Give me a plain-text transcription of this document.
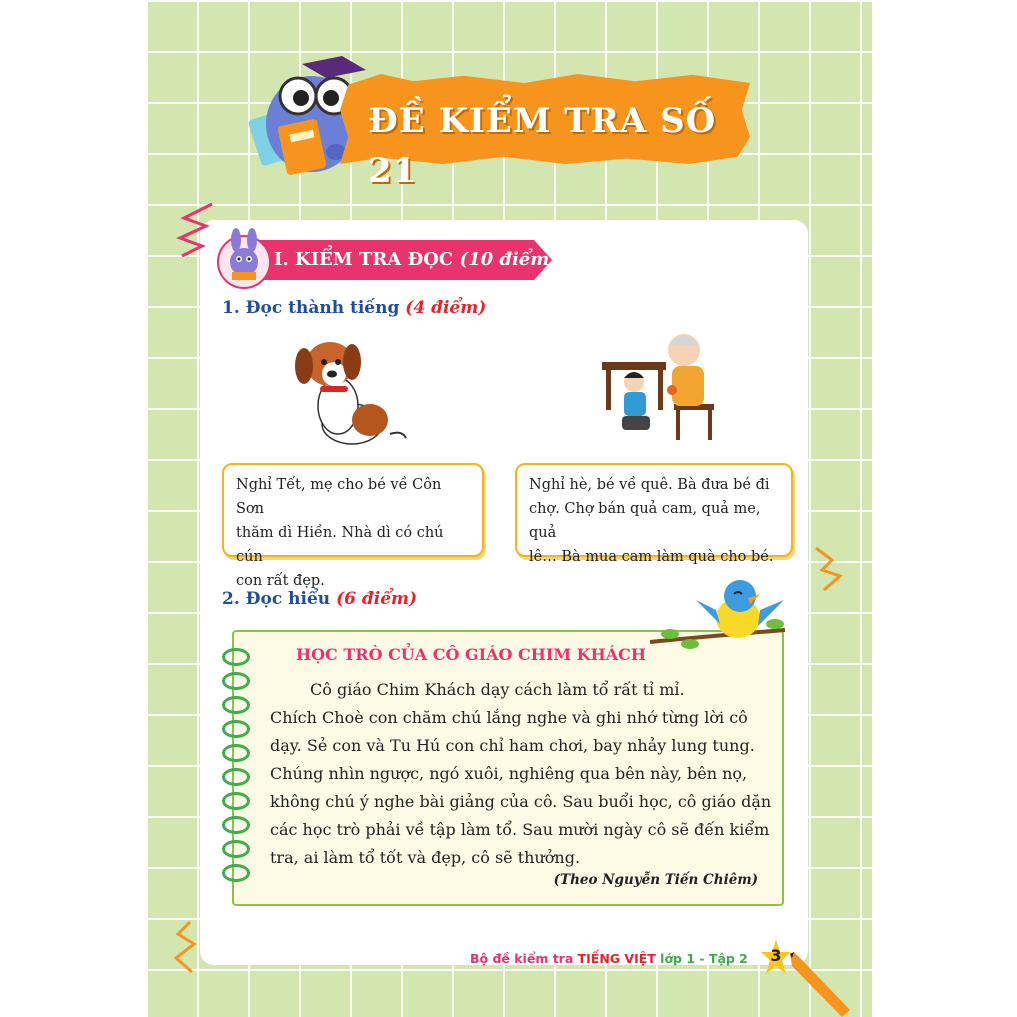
ĐỀ KIỂM TRA SỐ 21
I. KIỂM TRA ĐỌC (10 điểm)
1. Đọc thành tiếng (4 điểm)
Nghỉ Tết, mẹ cho bé về Côn Sơn
thăm dì Hiền. Nhà dì có chú cún
con rất đẹp.
Nghỉ hè, bé về quê. Bà đưa bé đi
chợ. Chợ bán quả cam, quả me, quả
lê… Bà mua cam làm quà cho bé.
2. Đọc hiểu (6 điểm)
HỌC TRÒ CỦA CÔ GIÁO CHIM KHÁCH
Cô giáo Chim Khách dạy cách làm tổ rất tỉ mỉ.
Chích Choè con chăm chú lắng nghe và ghi nhớ từng lời cô
dạy. Sẻ con và Tu Hú con chỉ ham chơi, bay nhảy lung tung.
Chúng nhìn ngược, ngó xuôi, nghiêng qua bên này, bên nọ,
không chú ý nghe bài giảng của cô. Sau buổi học, cô giáo dặn
các học trò phải về tập làm tổ. Sau mười ngày cô sẽ đến kiểm
tra, ai làm tổ tốt và đẹp, cô sẽ thưởng.
(Theo Nguyễn Tiến Chiêm)
Bộ đề kiểm tra TIẾNG VIỆT lớp 1 - Tập 2	3
